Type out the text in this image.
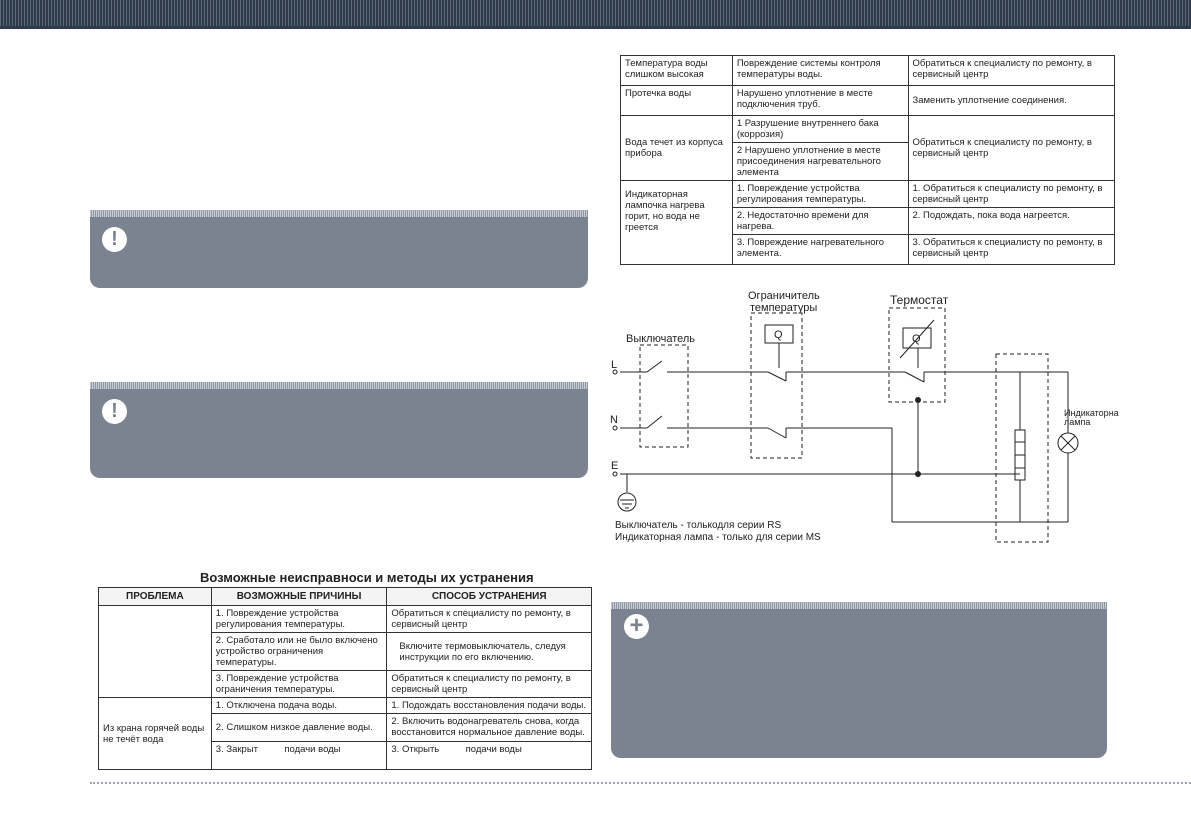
!
!
+
Температура воды слишком высокая	Повреждение системы контроля температуры воды.	Обратиться к специалисту по ремонту, в сервисный центр
Протечка воды	Нарушено уплотнение в месте подключения труб.	Заменить уплотнение соединения.
Вода течет из корпуса прибора	1 Разрушение внутреннего бака (коррозия)	Обратиться к специалисту по ремонту, в сервисный центр
	2 Нарушено уплотнение в месте присоединения нагревательного элемента	
Индикаторная лампочка нагрева горит, но вода не греется	1. Повреждение устройства регулирования температуры.	1. Обратиться к специалисту по ремонту, в сервисный центр
	2. Недостаточно времени для нагрева.	2. Подождать, пока вода нагреется.
	3. Повреждение нагревательного элемента.	3. Обратиться к специалисту по ремонту, в сервисный центр
Выключатель
Ограничитель
температуры
Термостат
Индикаторна
лампа
L
N
E
Q	Q
Выключатель - толькодля серии RS
Индикаторная лампа - только для серии MS
Возможные неисправноси и методы их устранения
ПРОБЛЕМА	ВОЗМОЖНЫЕ ПРИЧИНЫ	СПОСОБ УСТРАНЕНИЯ
	1. Повреждение устройства регулирования температуры.	Обратиться к специалисту по ремонту, в сервисный центр
	2. Сработало или не было включено устройство ограничения температуры.	Включите термовыключатель, следуя инструкции по его включению.
	3. Повреждение устройства ограничения температуры.	Обратиться к специалисту по ремонту, в сервисный центр
Из крана горячей воды не течёт вода	1. Отключена подача воды.	1. Подождать восстановления подачи воды.
	2. Слишком низкое давление воды.	2. Включить водонагреватель снова, когда восстановится нормальное давление воды.
	3. Закрыт          подачи воды	3. Открыть          подачи воды
